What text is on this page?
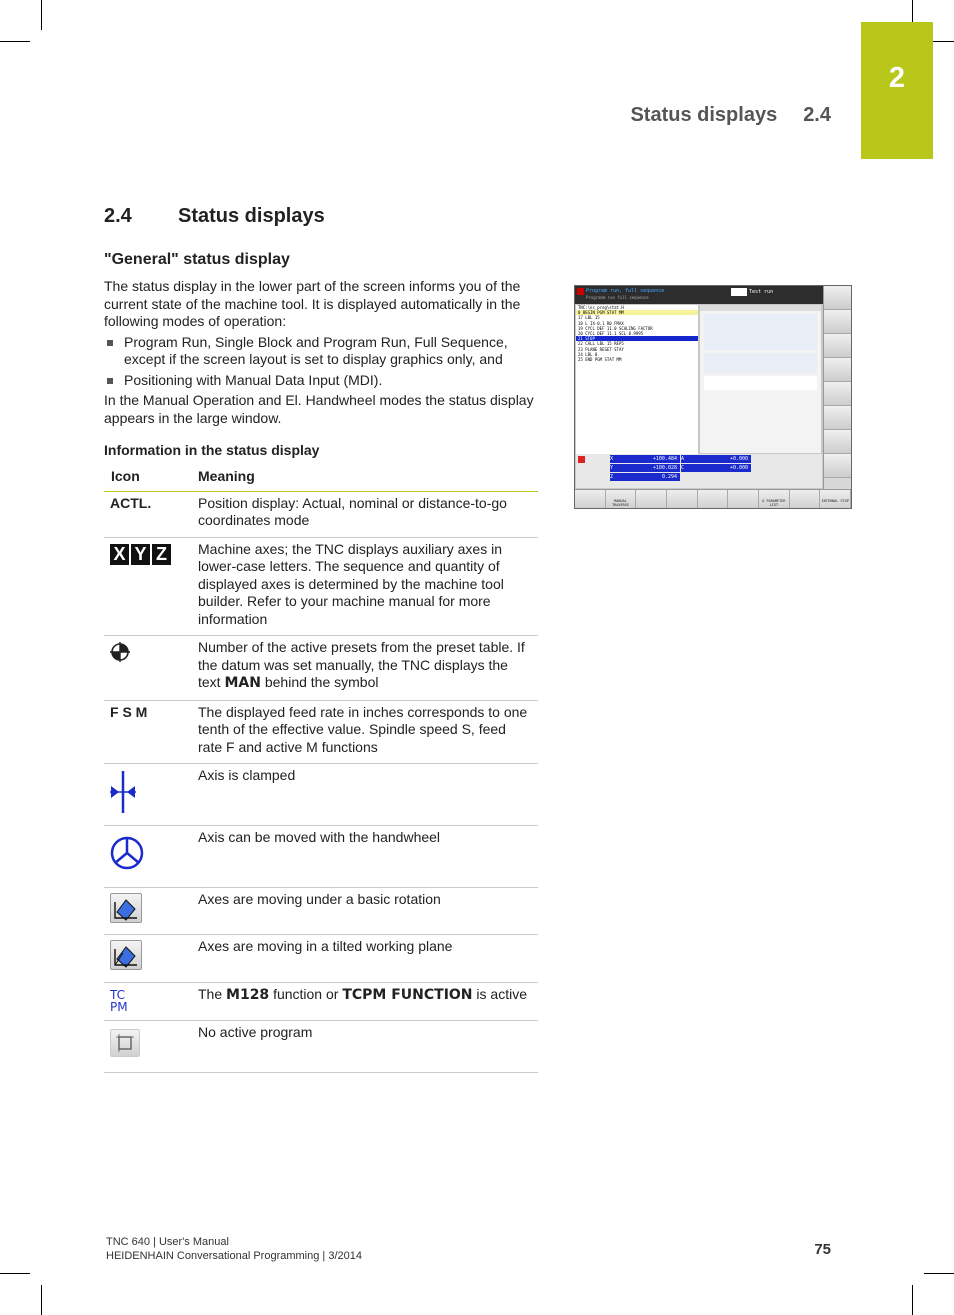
2
Status displays 2.4
2.4 Status displays
"General" status display

The status display in the lower part of the screen informs you of the current state of the machine tool. It is displayed automatically in the following modes of operation:

Program Run, Single Block and Program Run, Full Sequence, except if the screen layout is set to display graphics only, and
Positioning with Manual Data Input (MDI).

In the Manual Operation and El. Handwheel modes the status display appears in the large window.

Information in the status display
Icon	Meaning
ACTL.	Position display: Actual, nominal or distance-to-go coordinates mode
X Y Z	Machine axes; the TNC displays auxiliary axes in lower-case letters. The sequence and quantity of displayed axes is determined by the machine tool builder. Refer to your machine manual for more information
	Number of the active presets from the preset table. If the datum was set manually, the TNC displays the text MAN behind the symbol
F S M	The displayed feed rate in inches corresponds to one tenth of the effective value. Spindle speed S, feed rate F and active M functions
	Axis is clamped
	Axis can be moved with the handwheel

	Axes are moving under a basic rotation

	Axes are moving in a tilted working plane

TC
PM	The M128 function or TCPM FUNCTION is active

	No active program
Program run, full sequence
Programm run full sequence
Test run
TNC:\nc_prog\stat.H
0 BEGIN PGM STAT MM
17 LBL 15
18 L IX-0.1 R0 FMAX
19 CYCL DEF 11.0 SCALING FACTOR
20 CYCL DEF 11.1 SCL 0.9995
21 STOP
22 CALL LBL 15 REP5
23 PLANE RESET STAY
24 LBL 0
25 END PGM STAT MM
X	+100.484 A	+0.000
Y	+100.028 C	+0.000
Z	0.294
MANUAL TRAVERSE
Q PARAMETER LIST
INTERNAL STOP
TNC 640 | User's Manual
HEIDENHAIN Conversational Programming | 3/2014	75
